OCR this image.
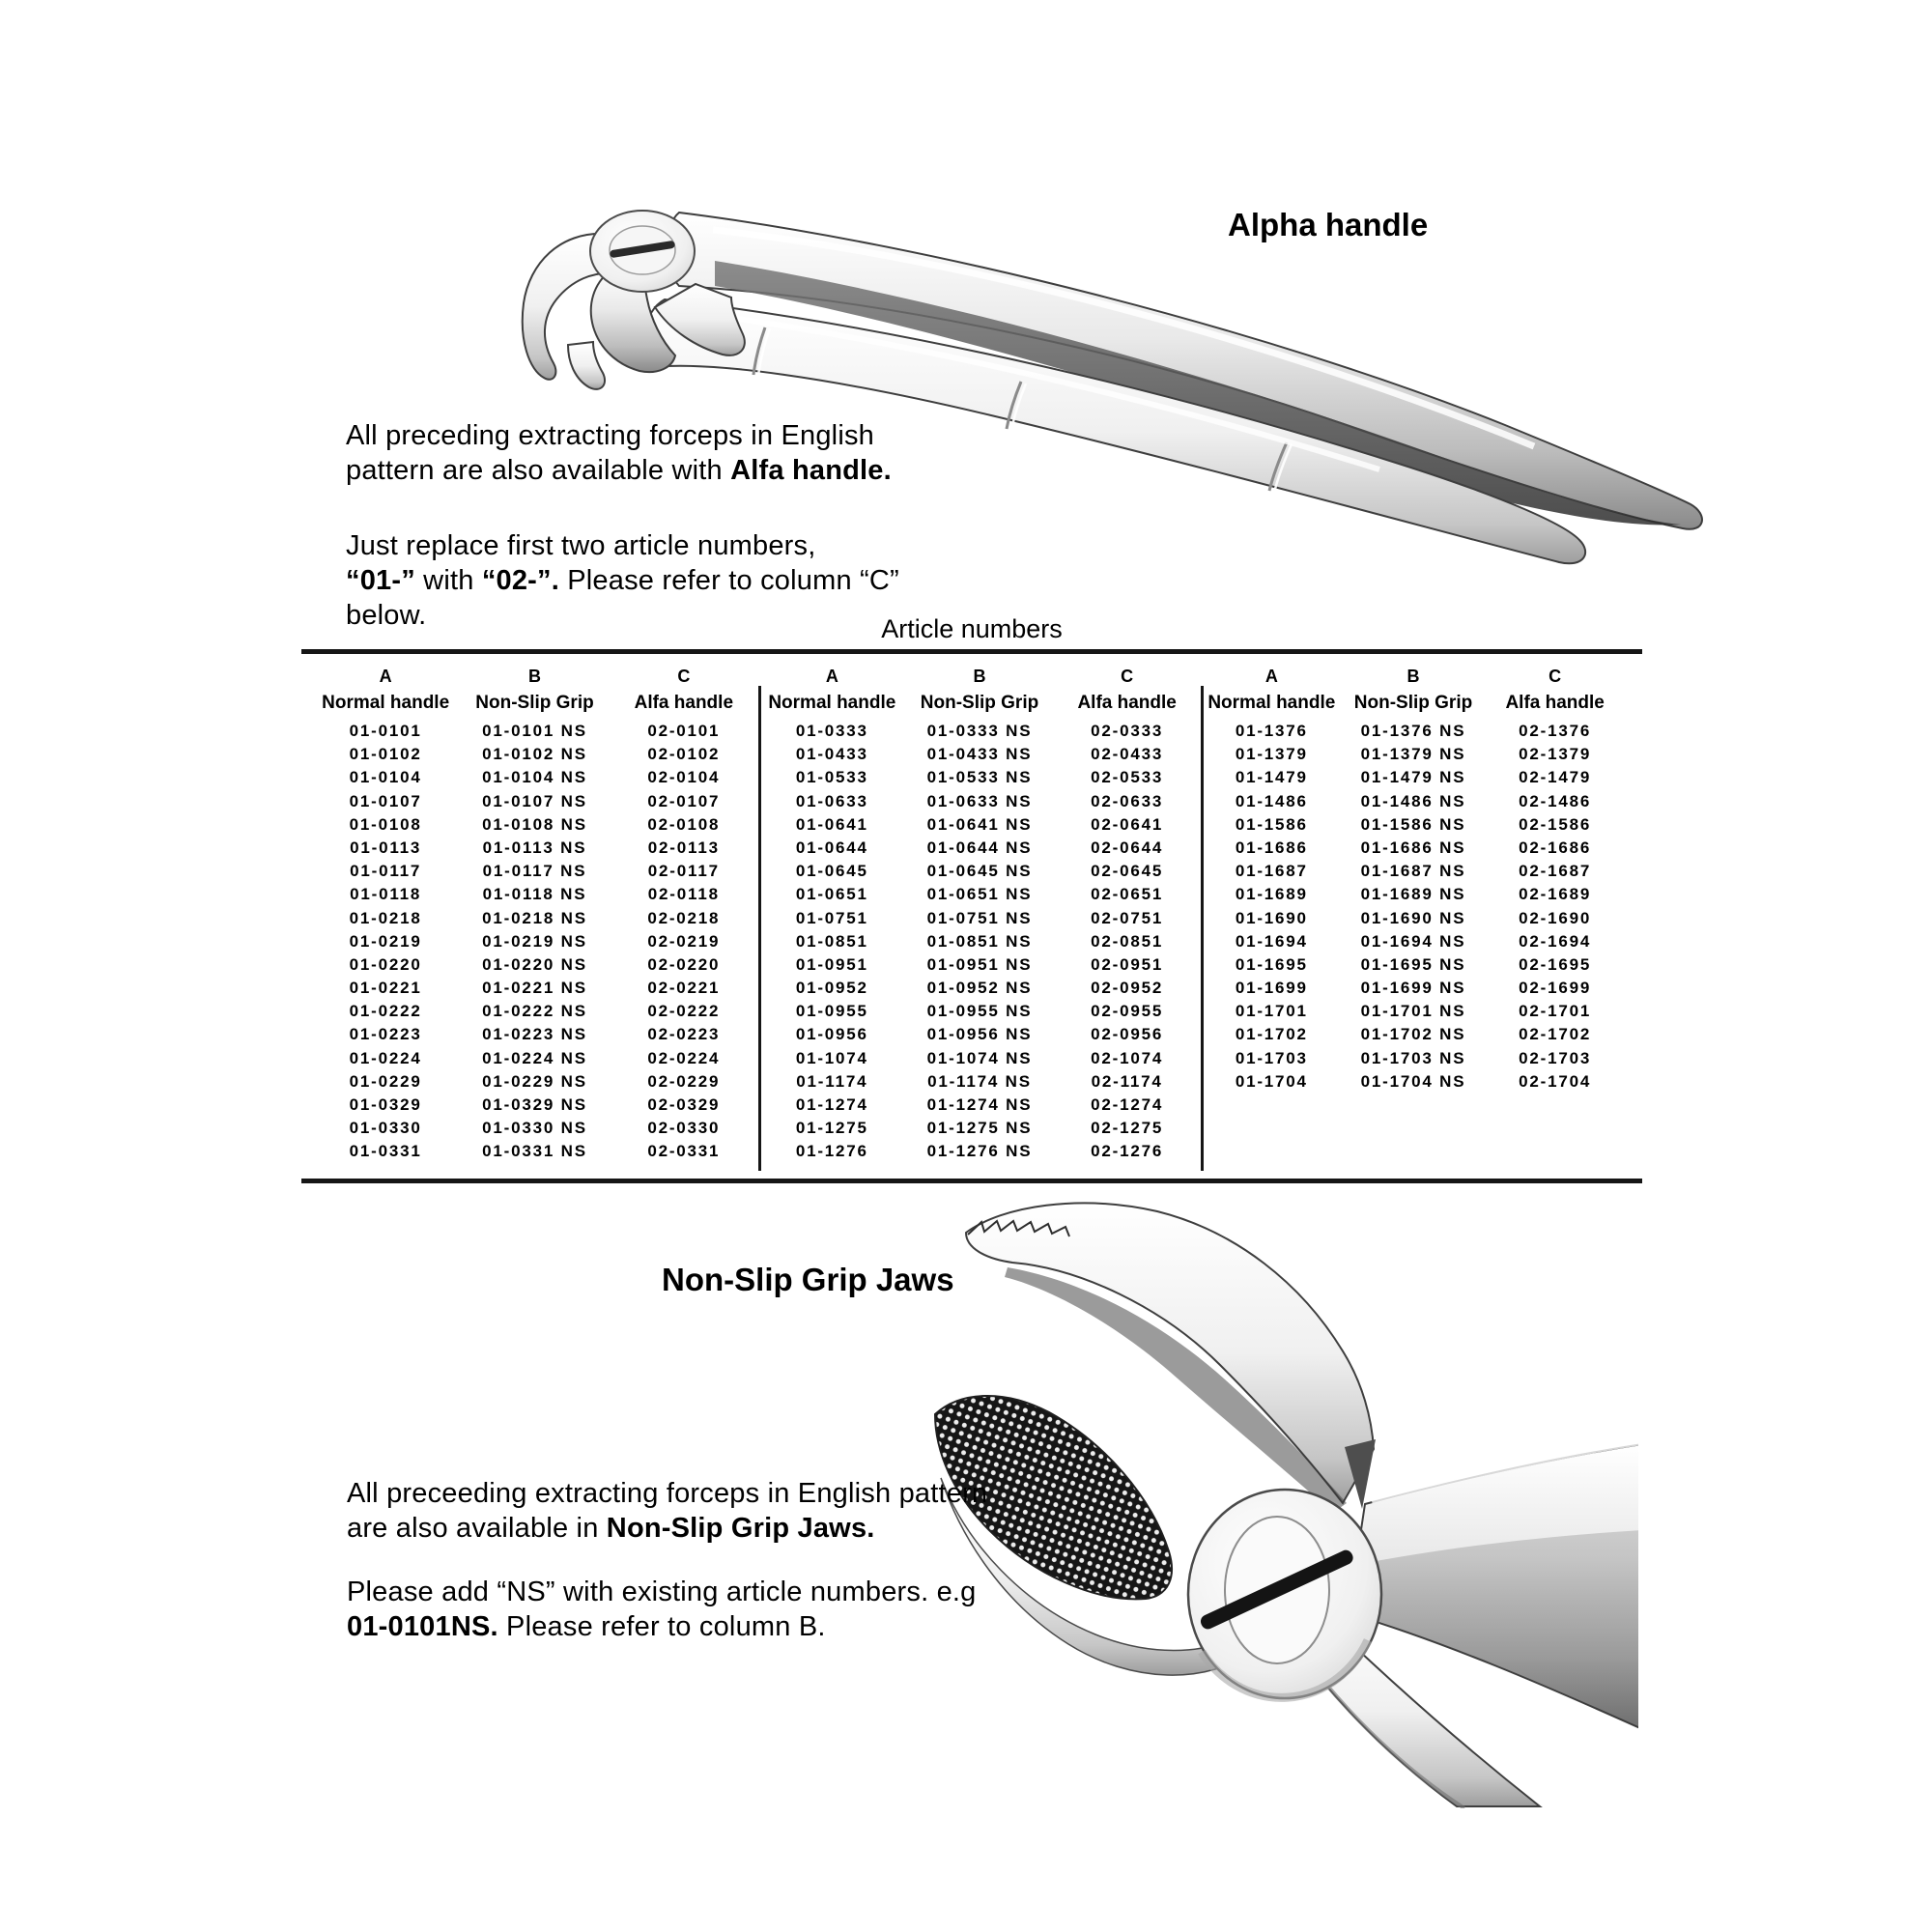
Alpha handle
All preceding extracting forceps in English
pattern are also available with Alfa handle.
Just replace first two article numbers,
“01-” with “02-”. Please refer to column “C”
below.	Article numbers
A	B	C
Normal handle	Non-Slip Grip	Alfa handle
01-0101	01-0101 NS	02-0101
01-0102	01-0102 NS	02-0102
01-0104	01-0104 NS	02-0104
01-0107	01-0107 NS	02-0107
01-0108	01-0108 NS	02-0108
01-0113	01-0113 NS	02-0113
01-0117	01-0117 NS	02-0117
01-0118	01-0118 NS	02-0118
01-0218	01-0218 NS	02-0218
01-0219	01-0219 NS	02-0219
01-0220	01-0220 NS	02-0220
01-0221	01-0221 NS	02-0221
01-0222	01-0222 NS	02-0222
01-0223	01-0223 NS	02-0223
01-0224	01-0224 NS	02-0224
01-0229	01-0229 NS	02-0229
01-0329	01-0329 NS	02-0329
01-0330	01-0330 NS	02-0330
01-0331	01-0331 NS	02-0331
A	B	C
Normal handle	Non-Slip Grip	Alfa handle
01-0333	01-0333 NS	02-0333
01-0433	01-0433 NS	02-0433
01-0533	01-0533 NS	02-0533
01-0633	01-0633 NS	02-0633
01-0641	01-0641 NS	02-0641
01-0644	01-0644 NS	02-0644
01-0645	01-0645 NS	02-0645
01-0651	01-0651 NS	02-0651
01-0751	01-0751 NS	02-0751
01-0851	01-0851 NS	02-0851
01-0951	01-0951 NS	02-0951
01-0952	01-0952 NS	02-0952
01-0955	01-0955 NS	02-0955
01-0956	01-0956 NS	02-0956
01-1074	01-1074 NS	02-1074
01-1174	01-1174 NS	02-1174
01-1274	01-1274 NS	02-1274
01-1275	01-1275 NS	02-1275
01-1276	01-1276 NS	02-1276
A	B	C
Normal handle	Non-Slip Grip	Alfa handle
01-1376	01-1376 NS	02-1376
01-1379	01-1379 NS	02-1379
01-1479	01-1479 NS	02-1479
01-1486	01-1486 NS	02-1486
01-1586	01-1586 NS	02-1586
01-1686	01-1686 NS	02-1686
01-1687	01-1687 NS	02-1687
01-1689	01-1689 NS	02-1689
01-1690	01-1690 NS	02-1690
01-1694	01-1694 NS	02-1694
01-1695	01-1695 NS	02-1695
01-1699	01-1699 NS	02-1699
01-1701	01-1701 NS	02-1701
01-1702	01-1702 NS	02-1702
01-1703	01-1703 NS	02-1703
01-1704	01-1704 NS	02-1704
Non-Slip Grip Jaws
All preceeding extracting forceps in English pattern
are also available in Non-Slip Grip Jaws.
Please add “NS” with existing article numbers. e.g
01-0101NS. Please refer to column B.
